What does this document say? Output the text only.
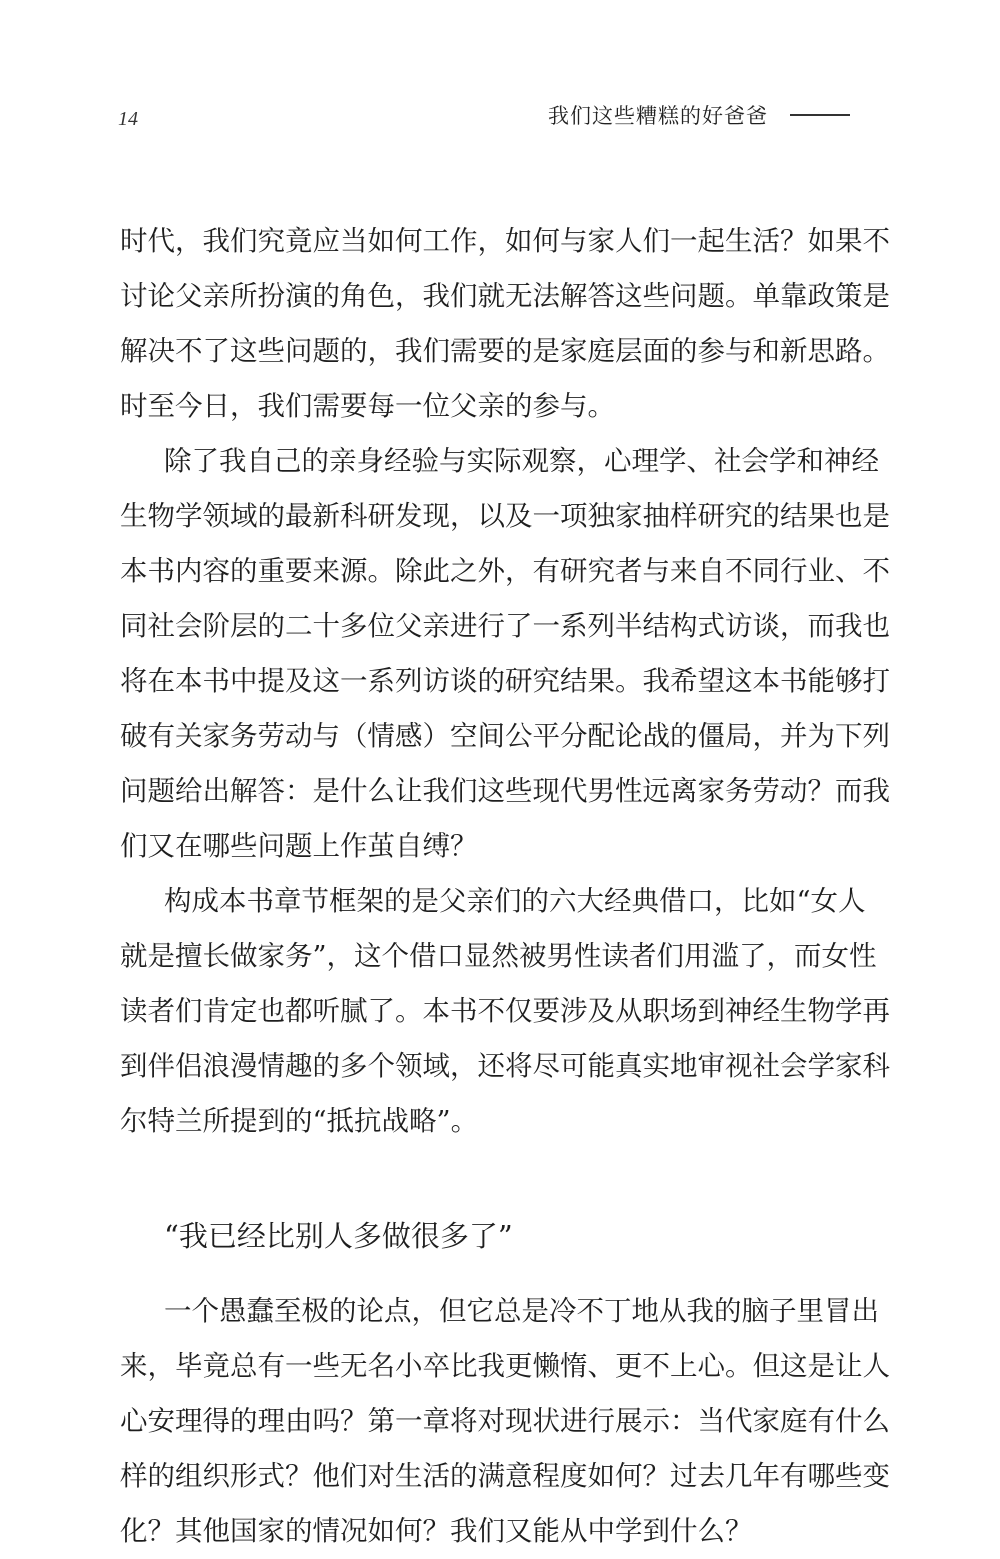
14	我们这些糟糕的好爸爸
时代，我们究竟应当如何工作，如何与家人们一起生活？如果不
讨论父亲所扮演的角色，我们就无法解答这些问题。单靠政策是
解决不了这些问题的，我们需要的是家庭层面的参与和新思路。
时至今日，我们需要每一位父亲的参与。
除了我自己的亲身经验与实际观察，心理学、社会学和神经
生物学领域的最新科研发现，以及一项独家抽样研究的结果也是
本书内容的重要来源。除此之外，有研究者与来自不同行业、不
同社会阶层的二十多位父亲进行了一系列半结构式访谈，而我也
将在本书中提及这一系列访谈的研究结果。我希望这本书能够打
破有关家务劳动与（情感）空间公平分配论战的僵局，并为下列
问题给出解答：是什么让我们这些现代男性远离家务劳动？而我
们又在哪些问题上作茧自缚？
构成本书章节框架的是父亲们的六大经典借口，比如“女人
就是擅长做家务”，这个借口显然被男性读者们用滥了，而女性
读者们肯定也都听腻了。本书不仅要涉及从职场到神经生物学再
到伴侣浪漫情趣的多个领域，还将尽可能真实地审视社会学家科
尔特兰所提到的“抵抗战略”。
“我已经比别人多做很多了”
一个愚蠢至极的论点，但它总是冷不丁地从我的脑子里冒出
来，毕竟总有一些无名小卒比我更懒惰、更不上心。但这是让人
心安理得的理由吗？第一章将对现状进行展示：当代家庭有什么
样的组织形式？他们对生活的满意程度如何？过去几年有哪些变
化？其他国家的情况如何？我们又能从中学到什么？
